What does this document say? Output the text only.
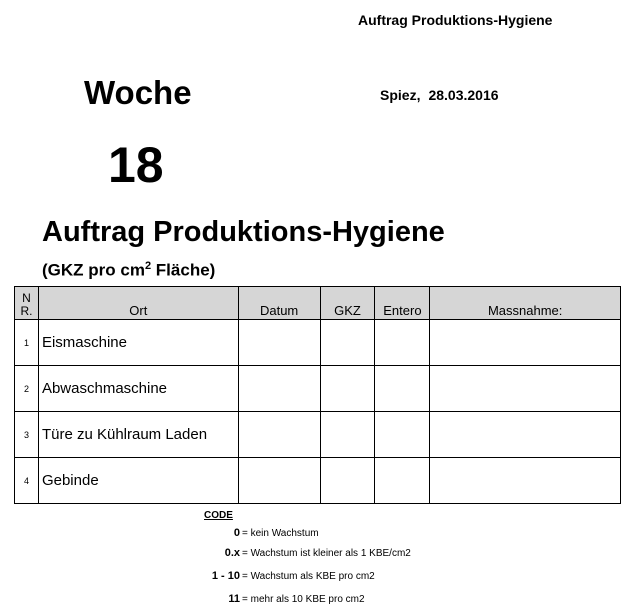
Auftrag Produktions-Hygiene
Woche
18
Spiez, 28.03.2016
Auftrag Produktions-Hygiene
(GKZ pro $cm^2$ Fläche)
N
R.	Ort	Datum	GKZ	Entero	Massnahme:
1	Eismaschine				
2	Abwaschmaschine				
3	Türe zu Kühlraum Laden				
4	Gebinde				
CODE
0 = kein Wachstum
0.x = Wachstum ist kleiner als 1 KBE/cm2
1 - 10 = Wachstum als KBE pro cm2
11 = mehr als 10 KBE pro cm2
